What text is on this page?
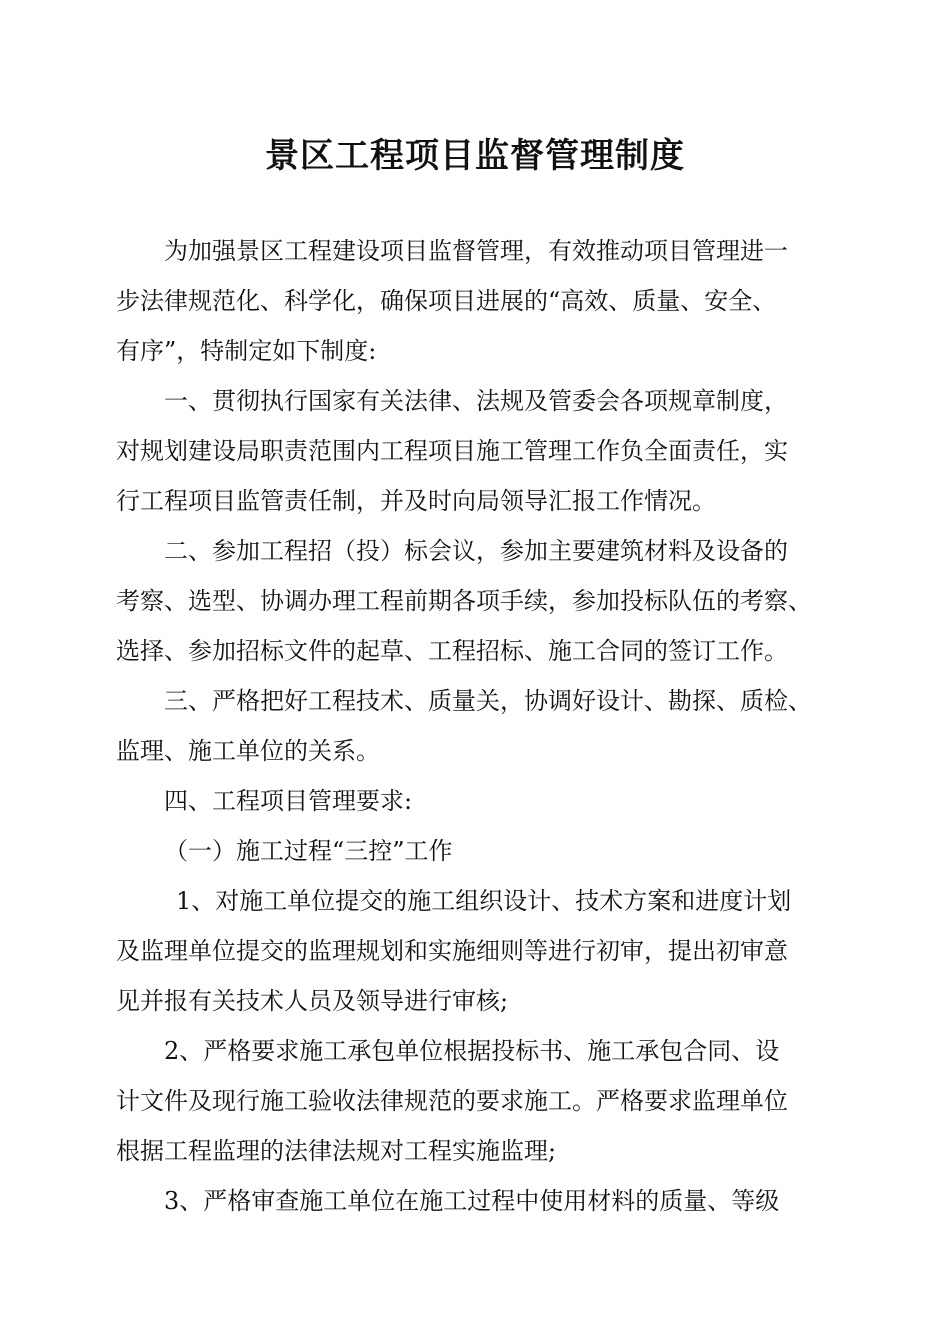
景区工程项目监督管理制度
为加强景区工程建设项目监督管理，有效推动项目管理进一
步法律规范化、科学化，确保项目进展的“高效、质量、安全、
有序”，特制定如下制度:
一、贯彻执行国家有关法律、法规及管委会各项规章制度，
对规划建设局职责范围内工程项目施工管理工作负全面责任，实
行工程项目监管责任制，并及时向局领导汇报工作情况。
二、参加工程招（投）标会议，参加主要建筑材料及设备的
考察、选型、协调办理工程前期各项手续，参加投标队伍的考察、
选择、参加招标文件的起草、工程招标、施工合同的签订工作。
三、严格把好工程技术、质量关，协调好设计、勘探、质检、
监理、施工单位的关系。
四、工程项目管理要求:
（一）施工过程“三控”工作
1、对施工单位提交的施工组织设计、技术方案和进度计划
及监理单位提交的监理规划和实施细则等进行初审，提出初审意
见并报有关技术人员及领导进行审核;
2、严格要求施工承包单位根据投标书、施工承包合同、设
计文件及现行施工验收法律规范的要求施工。严格要求监理单位
根据工程监理的法律法规对工程实施监理;
3、严格审查施工单位在施工过程中使用材料的质量、等级
